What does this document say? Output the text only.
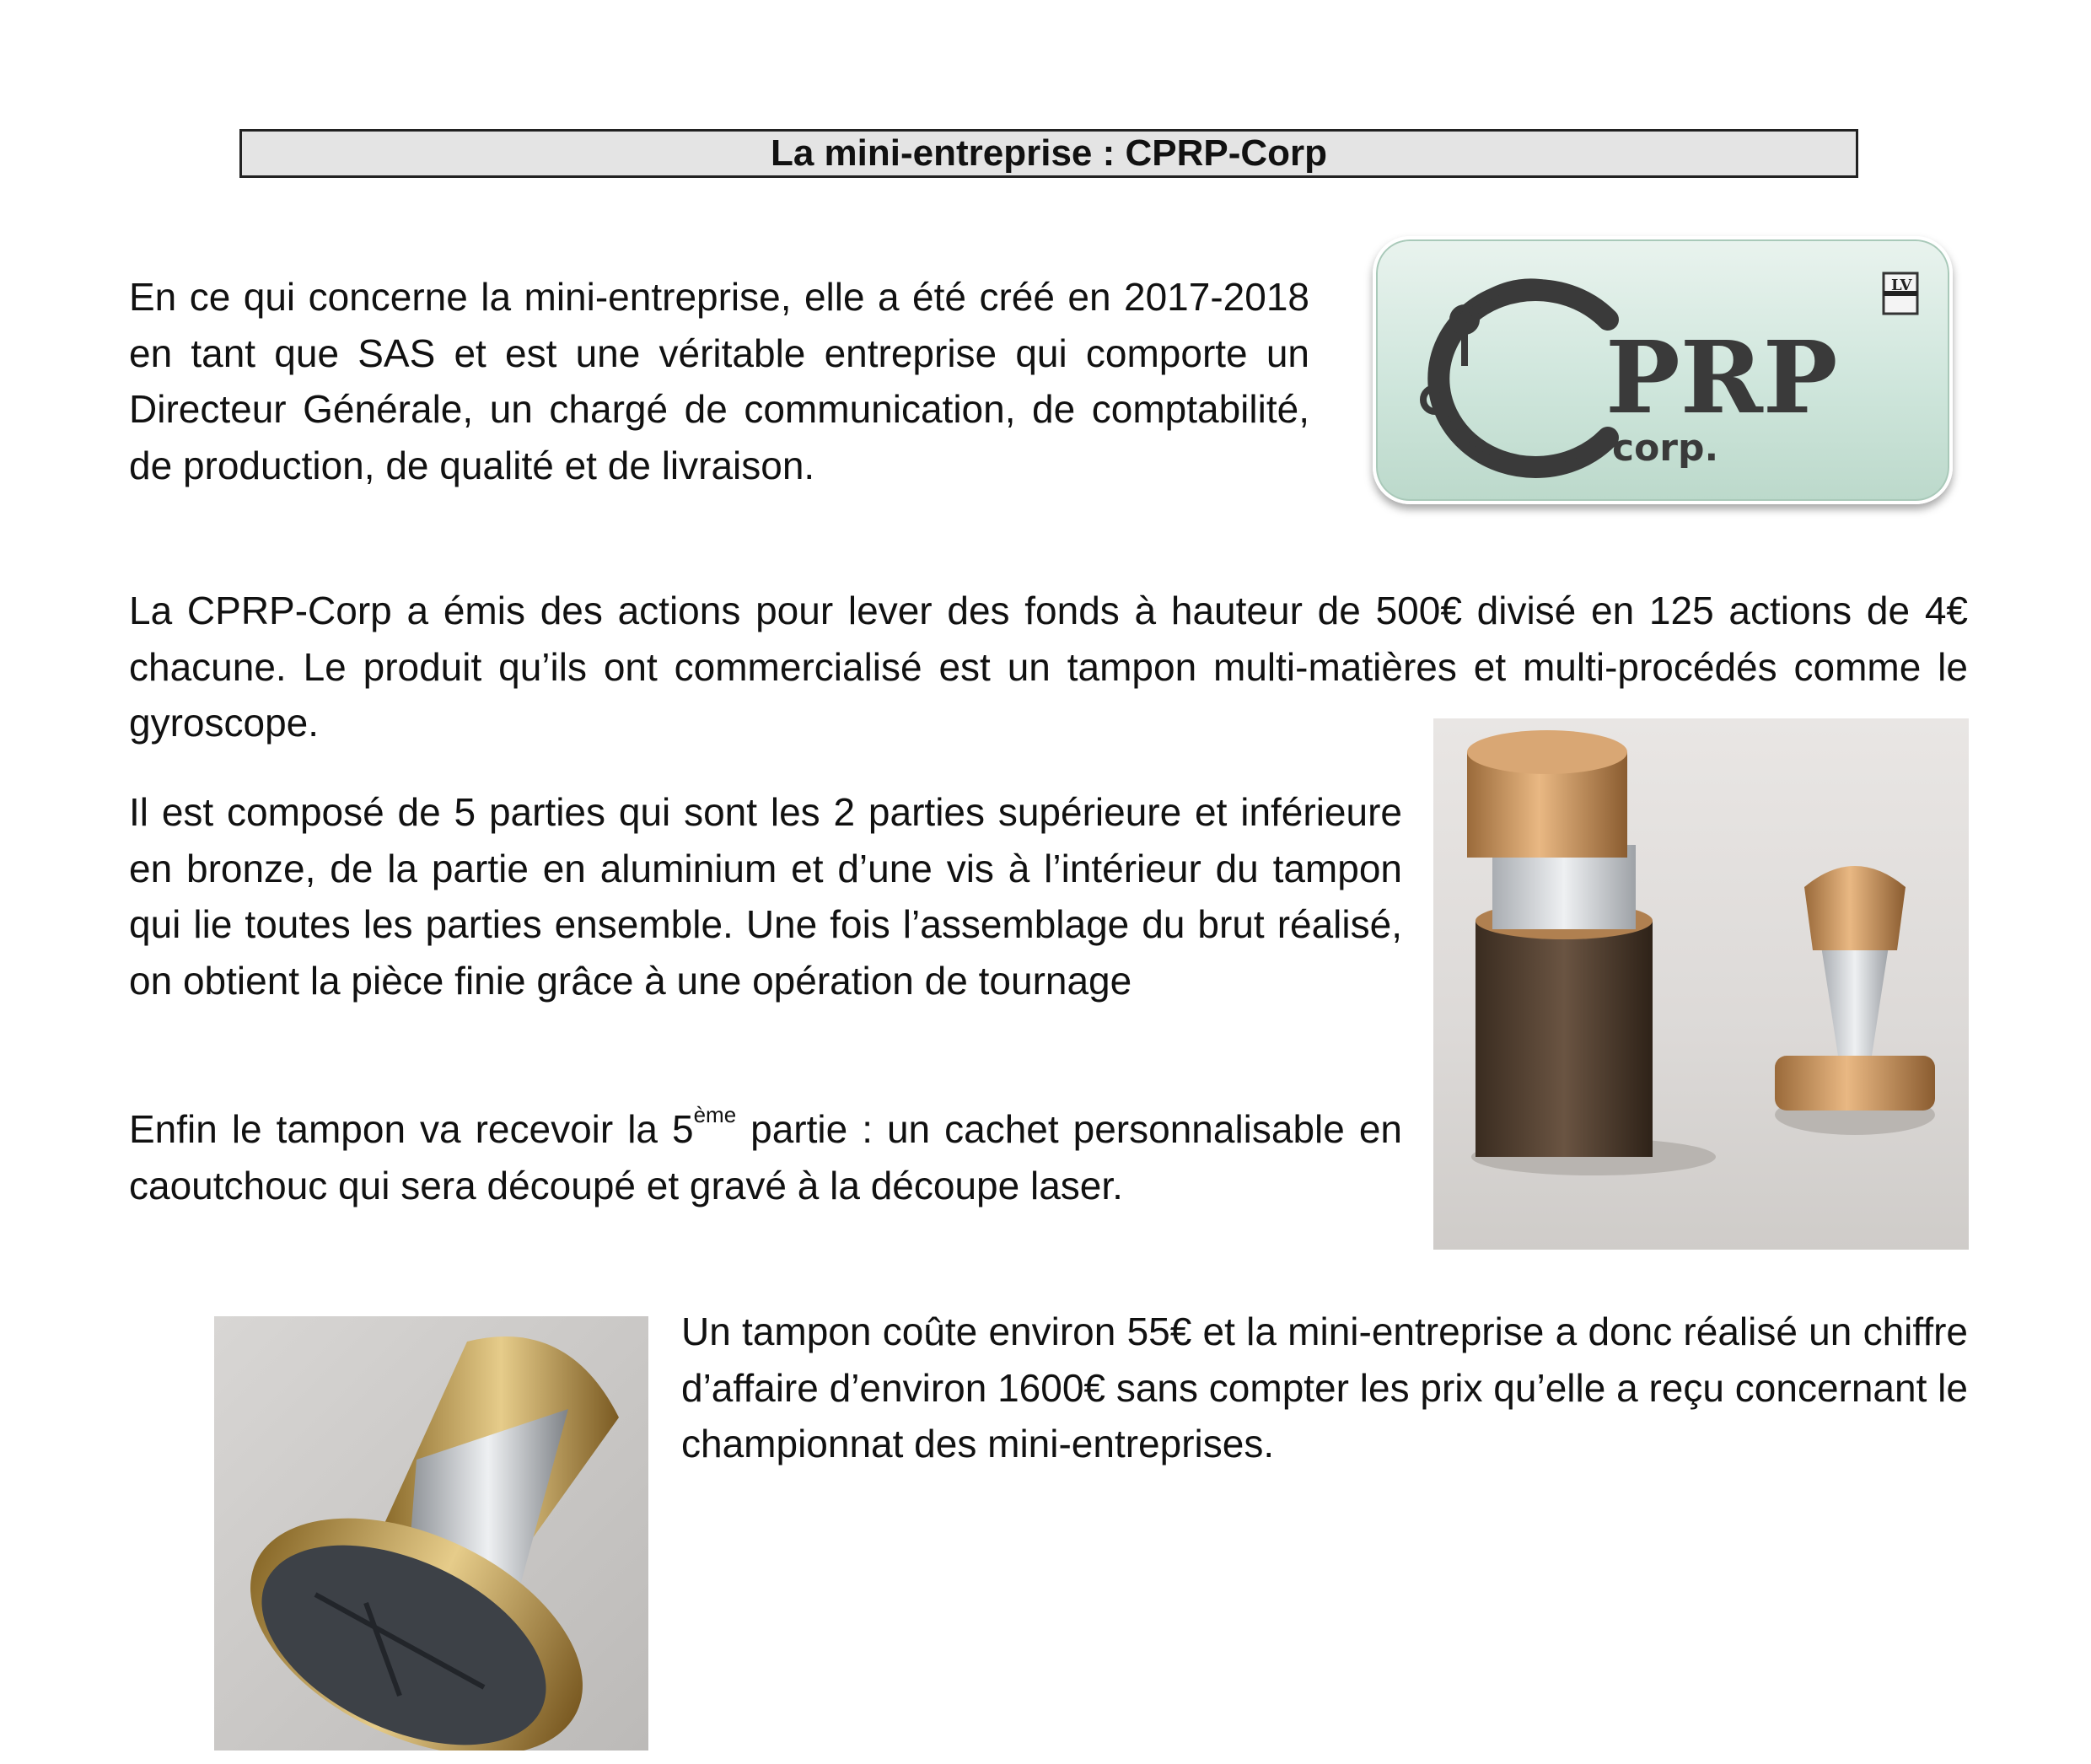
La mini-entreprise : CPRP-Corp

En ce qui concerne la mini-entreprise, elle a été créé en 2017-2018 en tant que SAS et est une véritable entreprise qui comporte un Directeur Générale, un chargé de communication, de comptabilité, de production, de qualité et de livraison.

LV
PRP
corp.

La CPRP-Corp a émis des actions pour lever des fonds à hauteur de 500€ divisé en 125 actions de 4€ chacune. Le produit qu’ils ont commercialisé est un tampon multi-matières et multi-procédés comme le gyroscope.

Il est composé de 5 parties qui sont les 2 parties supérieure et inférieure en bronze, de la partie en aluminium et d’une vis à l’intérieur du tampon qui lie toutes les parties ensemble. Une fois l’assemblage du brut réalisé, on obtient la pièce finie grâce à une opération de tournage

Enfin le tampon va recevoir la 5ème partie : un cachet personnalisable en caoutchouc qui sera découpé et gravé à la découpe laser.

Un tampon coûte environ 55€ et la mini-entreprise a donc réalisé un chiffre d’affaire d’environ 1600€ sans compter les prix qu’elle a reçu concernant le championnat des mini-entreprises.
